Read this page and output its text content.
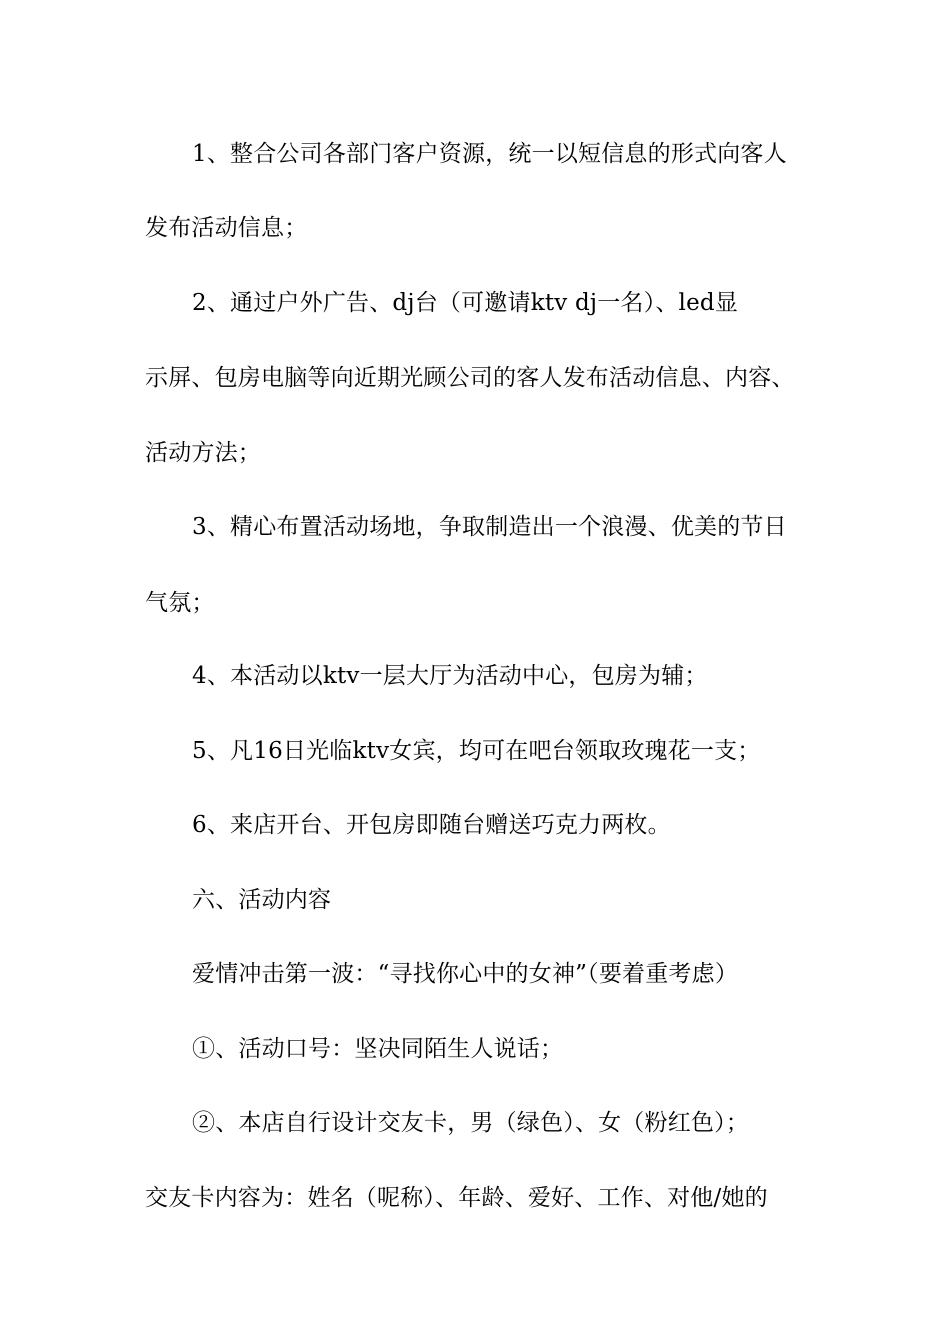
1、整合公司各部门客户资源，统一以短信息的形式向客人
发布活动信息；
2、通过户外广告、dj台（可邀请ktv dj一名）、led显
示屏、包房电脑等向近期光顾公司的客人发布活动信息、内容、
活动方法；
3、精心布置活动场地，争取制造出一个浪漫、优美的节日
气氛；
4、本活动以ktv一层大厅为活动中心，包房为辅；
5、凡16日光临ktv女宾，均可在吧台领取玫瑰花一支；
6、来店开台、开包房即随台赠送巧克力两枚。
六、活动内容
爱情冲击第一波：“寻找你心中的女神”（要着重考虑）
①、活动口号：坚决同陌生人说话；
②、本店自行设计交友卡，男（绿色）、女（粉红色）；
交友卡内容为：姓名（呢称）、年龄、爱好、工作、对他/她的
